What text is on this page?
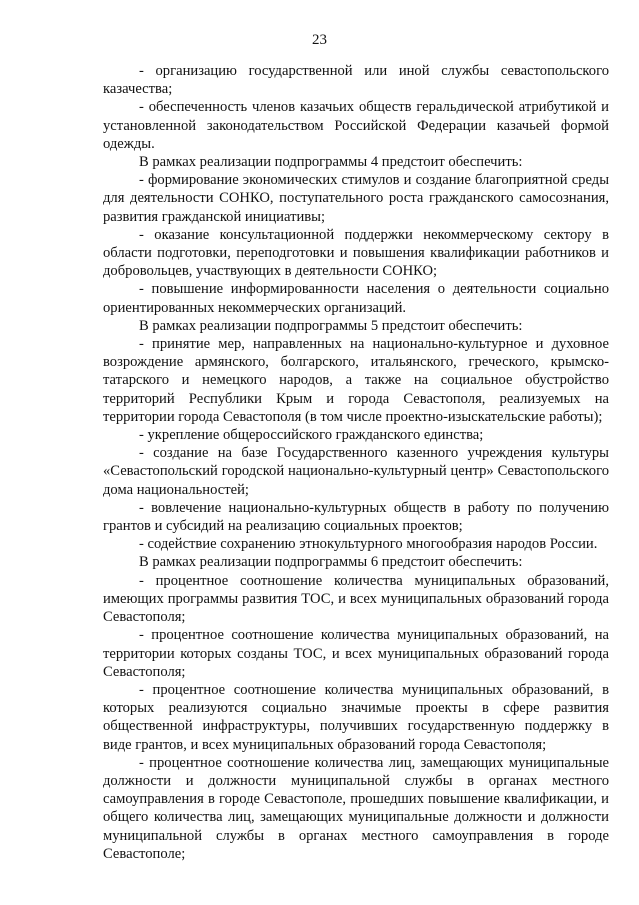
23

- организацию государственной или иной службы севастопольского казачества;

- обеспеченность членов казачьих обществ геральдической атрибутикой и установленной законодательством Российской Федерации казачьей формой одежды.

В рамках реализации подпрограммы 4 предстоит обеспечить:

- формирование экономических стимулов и создание благоприятной среды для деятельности СОНКО, поступательного роста гражданского самосознания, развития гражданской инициативы;

- оказание консультационной поддержки некоммерческому сектору в области подготовки, переподготовки и повышения квалификации работников и добровольцев, участвующих в деятельности СОНКО;

- повышение информированности населения о деятельности социально ориентированных некоммерческих организаций.

В рамках реализации подпрограммы 5 предстоит обеспечить:

- принятие мер, направленных на национально-культурное и духовное возрождение армянского, болгарского, итальянского, греческого, крымско-татарского и немецкого народов, а также на социальное обустройство территорий Республики Крым и города Севастополя, реализуемых на территории города Севастополя (в том числе проектно-изыскательские работы);

- укрепление общероссийского гражданского единства;

- создание на базе Государственного казенного учреждения культуры «Севастопольский городской национально-культурный центр» Севастопольского дома национальностей;

- вовлечение национально-культурных обществ в работу по получению грантов и субсидий на реализацию социальных проектов;

- содействие сохранению этнокультурного многообразия народов России.

В рамках реализации подпрограммы 6 предстоит обеспечить:

- процентное соотношение количества муниципальных образований, имеющих программы развития ТОС, и всех муниципальных образований города Севастополя;

- процентное соотношение количества муниципальных образований, на территории которых созданы ТОС, и всех муниципальных образований города Севастополя;

- процентное соотношение количества муниципальных образований, в которых реализуются социально значимые проекты в сфере развития общественной инфраструктуры, получивших государственную поддержку в виде грантов, и всех муниципальных образований города Севастополя;

- процентное соотношение количества лиц, замещающих муниципальные должности и должности муниципальной службы в органах местного самоуправления в городе Севастополе, прошедших повышение квалификации, и общего количества лиц, замещающих муниципальные должности и должности муниципальной службы в органах местного самоуправления в городе Севастополе;
